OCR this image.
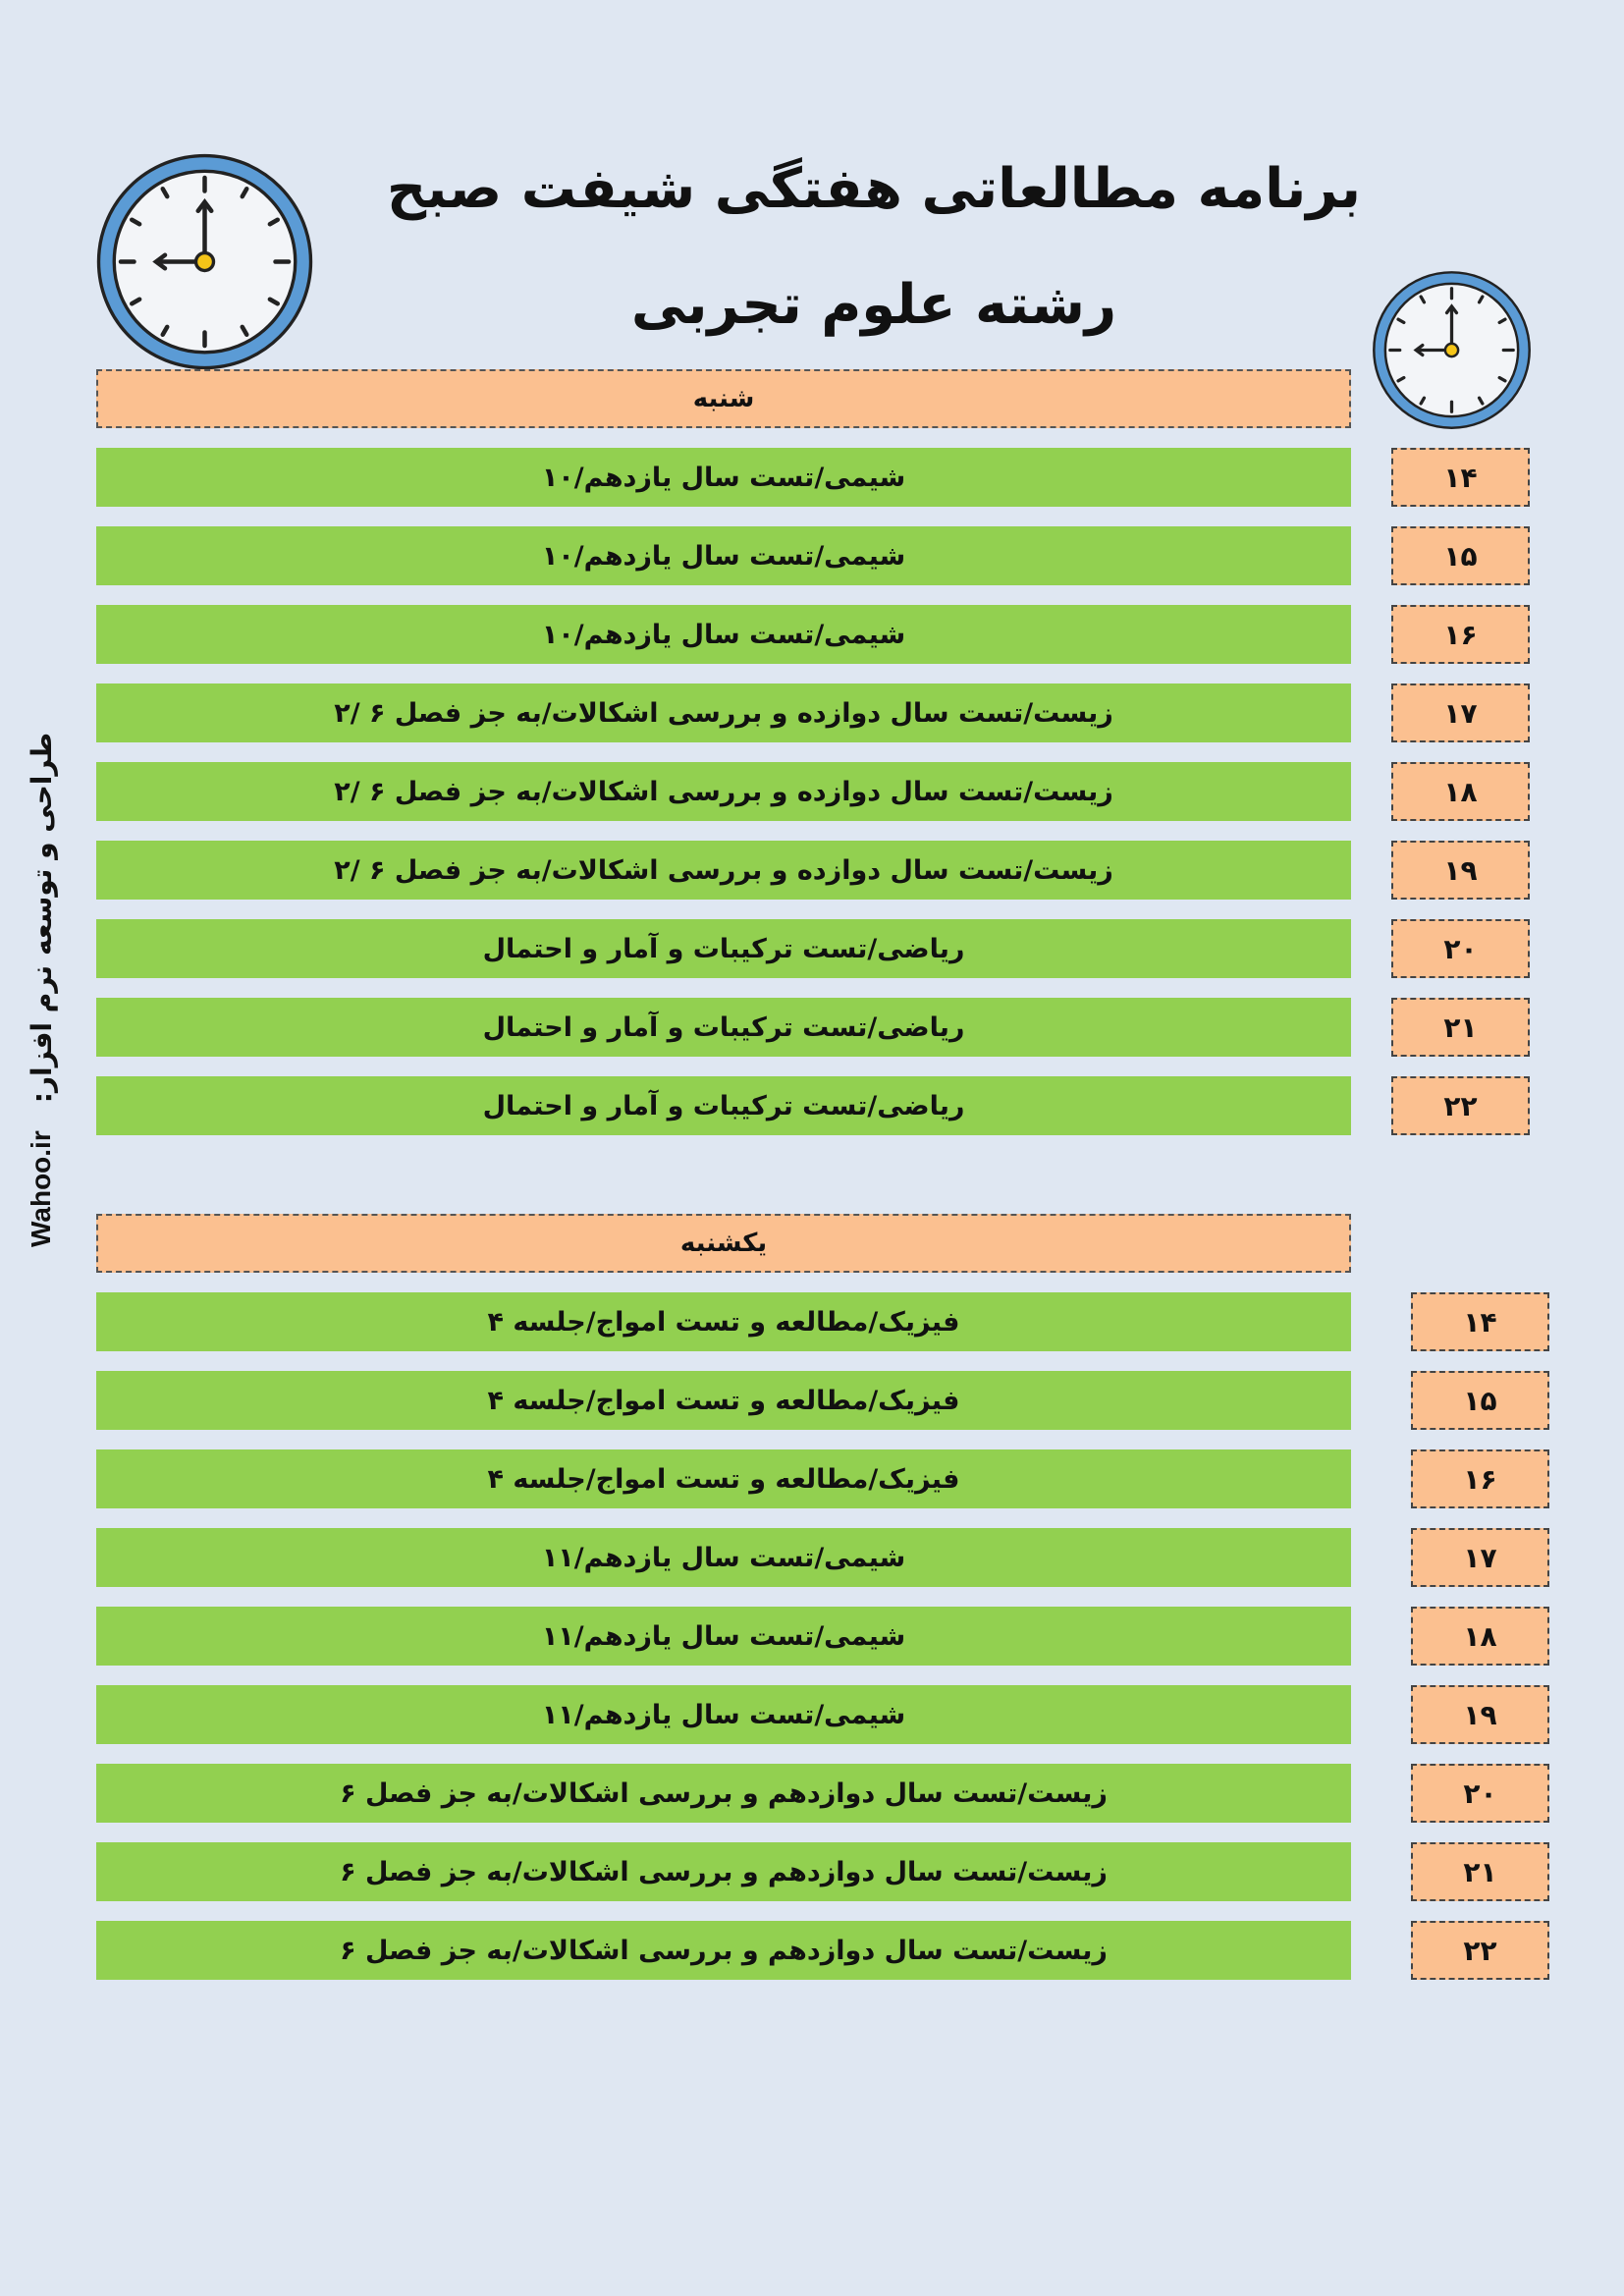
برنامه مطالعاتی هفتگی شیفت صبح
رشته علوم تجربی
شنبه
شیمی/تست سال یازدهم/۱۰	۱۴
شیمی/تست سال یازدهم/۱۰	۱۵
شیمی/تست سال یازدهم/۱۰	۱۶
زیست/تست سال دوازده و بررسی اشکالات/به جز فصل ۶ /۲	۱۷
زیست/تست سال دوازده و بررسی اشکالات/به جز فصل ۶ /۲	۱۸
زیست/تست سال دوازده و بررسی اشکالات/به جز فصل ۶ /۲	۱۹
ریاضی/تست ترکیبات و آمار و احتمال	۲۰
ریاضی/تست ترکیبات و آمار و احتمال	۲۱
ریاضی/تست ترکیبات و آمار و احتمال	۲۲
یکشنبه
فیزیک/مطالعه و تست امواج/جلسه ۴	۱۴
فیزیک/مطالعه و تست امواج/جلسه ۴	۱۵
فیزیک/مطالعه و تست امواج/جلسه ۴	۱۶
شیمی/تست سال یازدهم/۱۱	۱۷
شیمی/تست سال یازدهم/۱۱	۱۸
شیمی/تست سال یازدهم/۱۱	۱۹
زیست/تست سال دوازدهم و بررسی اشکالات/به جز فصل ۶	۲۰
زیست/تست سال دوازدهم و بررسی اشکالات/به جز فصل ۶	۲۱
زیست/تست سال دوازدهم و بررسی اشکالات/به جز فصل ۶	۲۲
Wahoo.ir
طراحی و توسعه نرم افزار:
